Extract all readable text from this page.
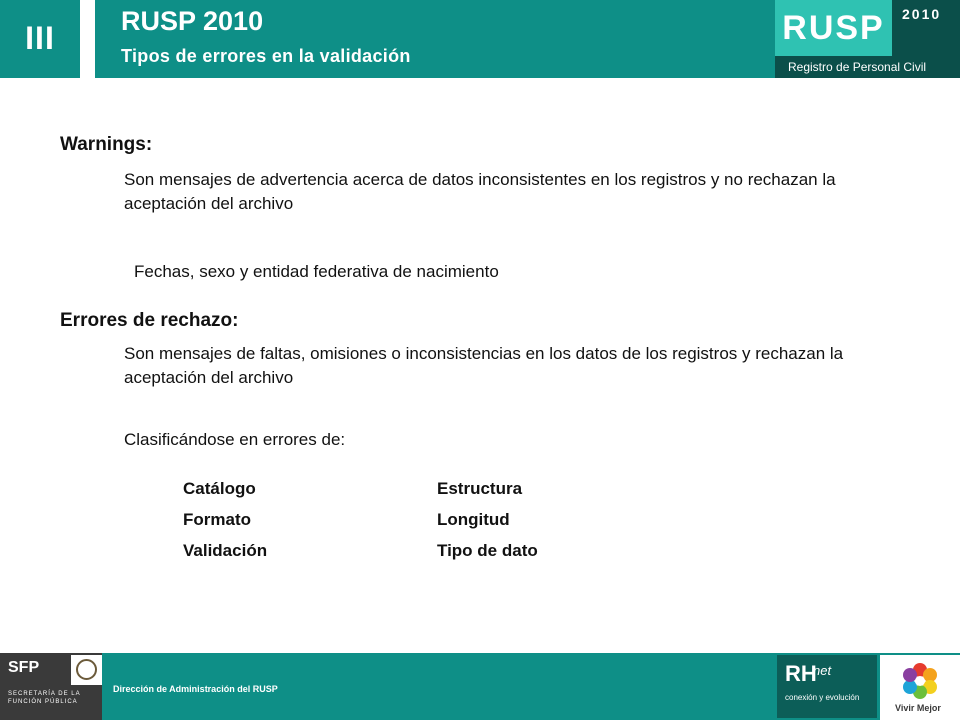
III RUSP 2010
Tipos de errores en la validación
RUSP 2010
Registro de Personal Civil
Warnings:
Son mensajes de advertencia acerca de datos inconsistentes en los registros y no rechazan la aceptación del archivo
Fechas, sexo y entidad federativa de nacimiento
Errores de rechazo:
Son mensajes de faltas, omisiones o inconsistencias en los datos de los registros y rechazan la aceptación del archivo
Clasificándose en errores de:
Catálogo	Estructura
Formato	Longitud
Validación	Tipo de dato
SFP
SECRETARÍA DE LA
FUNCIÓN PÚBLICA
Dirección de Administración del RUSP
RH
net
conexión y evolución
Vivir Mejor
